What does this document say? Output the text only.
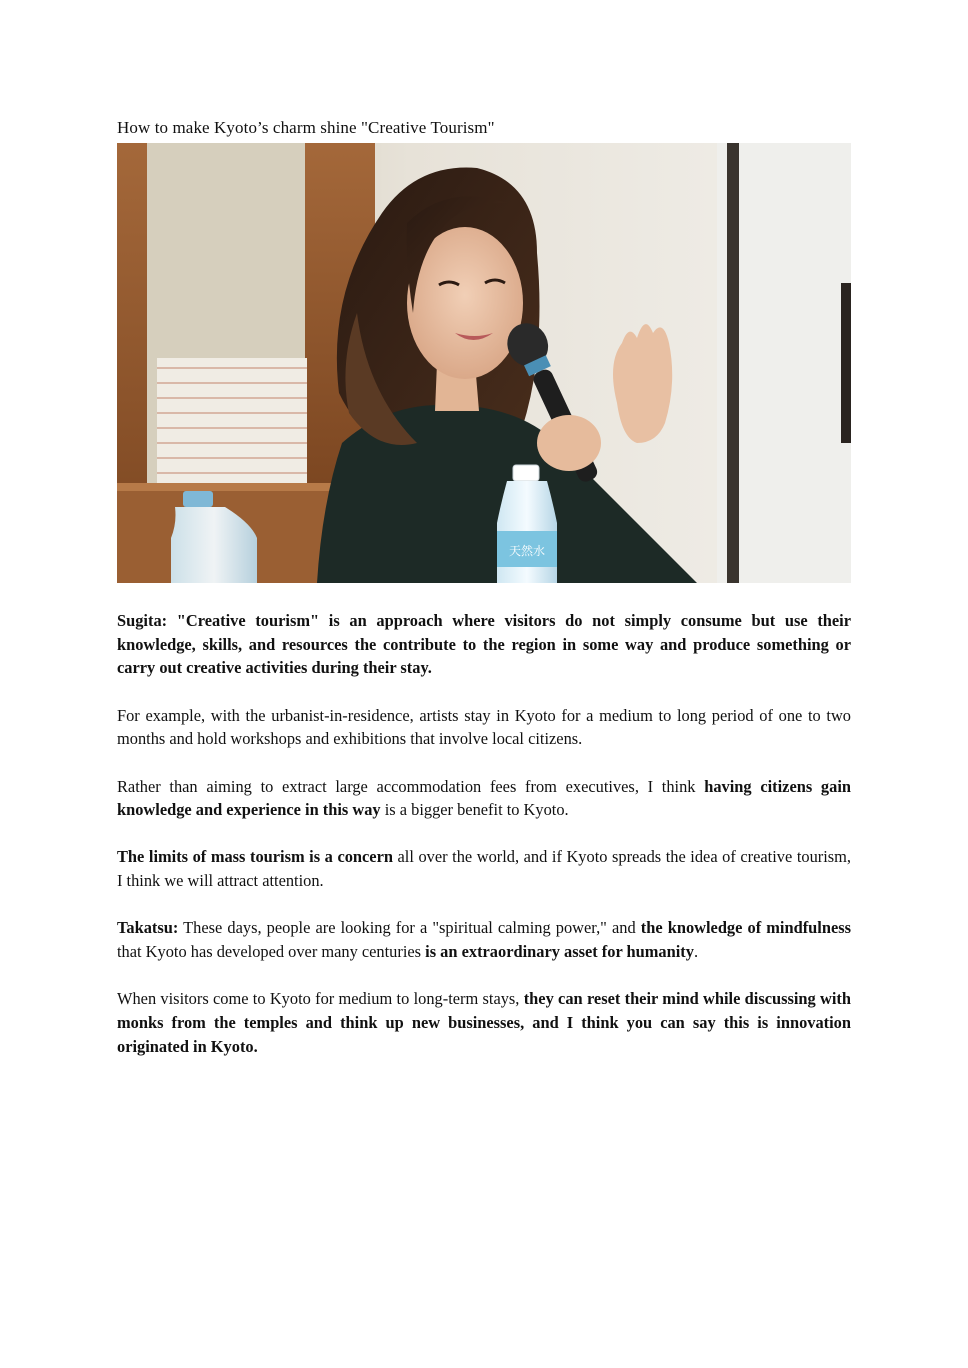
How to make Kyoto’s charm shine "Creative Tourism"
天然水

Sugita: "Creative tourism" is an approach where visitors do not simply consume but use their knowledge, skills, and resources the contribute to the region in some way and produce something or carry out creative activities during their stay.

For example, with the urbanist-in-residence, artists stay in Kyoto for a medium to long period of one to two months and hold workshops and exhibitions that involve local citizens.

Rather than aiming to extract large accommodation fees from executives, I think having citizens gain knowledge and experience in this way is a bigger benefit to Kyoto.

The limits of mass tourism is a concern all over the world, and if Kyoto spreads the idea of creative tourism, I think we will attract attention.

Takatsu: These days, people are looking for a "spiritual calming power," and the knowledge of mindfulness that Kyoto has developed over many centuries is an extraordinary asset for humanity.

When visitors come to Kyoto for medium to long-term stays, they can reset their mind while discussing with monks from the temples and think up new businesses, and I think you can say this is innovation originated in Kyoto.
